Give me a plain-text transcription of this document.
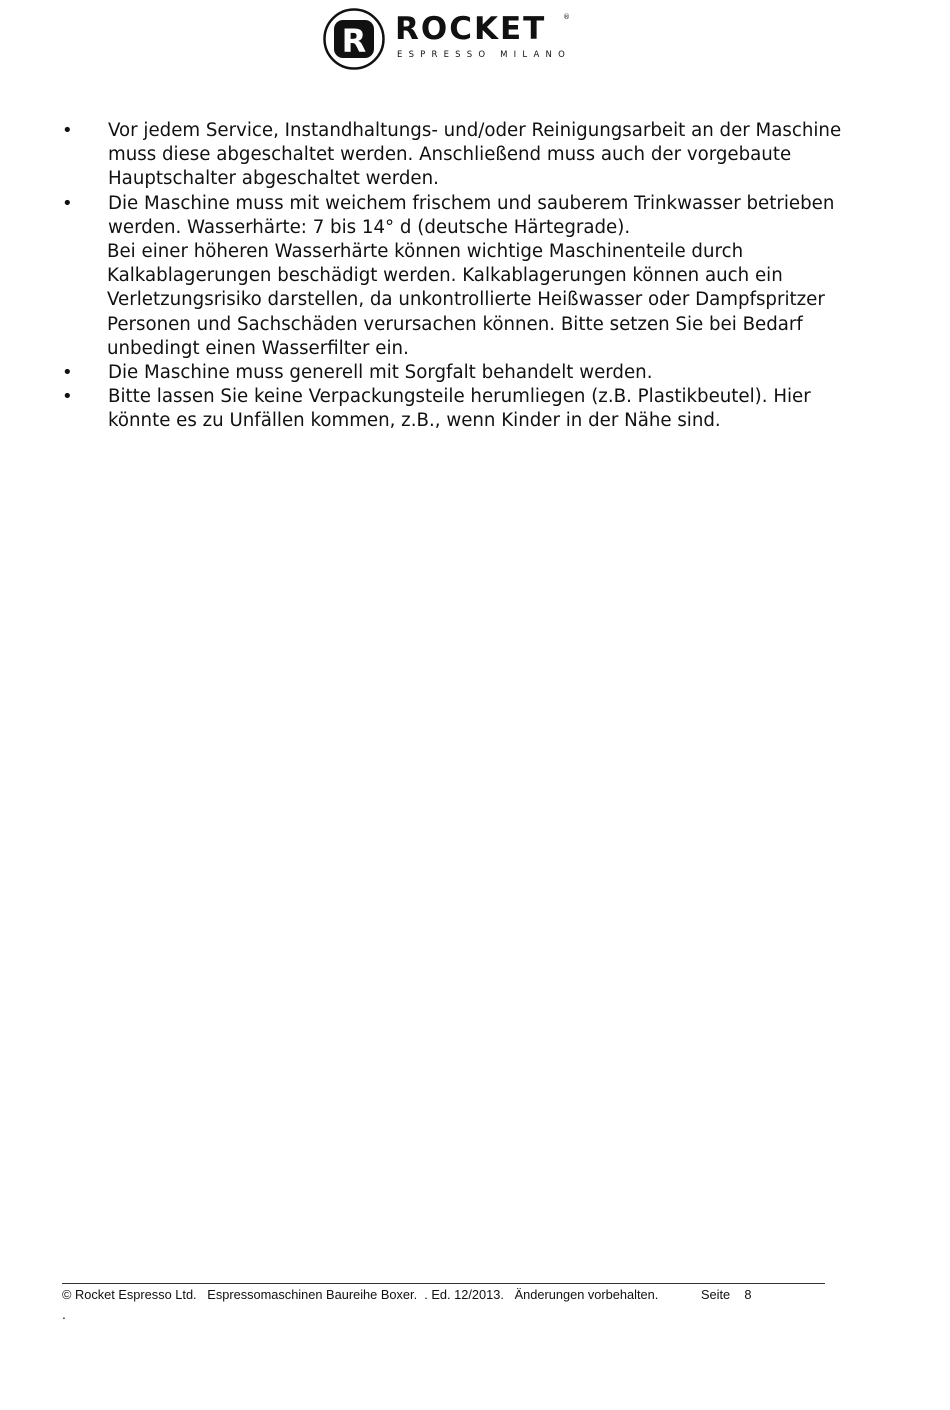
R ROCKET ®
ESPRESSO MILANO
•	Vor jedem Service, Instandhaltungs- und/oder Reinigungsarbeit an der Maschine
muss diese abgeschaltet werden. Anschließend muss auch der vorgebaute
Hauptschalter abgeschaltet werden.
•	Die Maschine muss mit weichem frischem und sauberem Trinkwasser betrieben
werden. Wasserhärte: 7 bis 14° d (deutsche Härtegrade).
Bei einer höheren Wasserhärte können wichtige Maschinenteile durch
Kalkablagerungen beschädigt werden. Kalkablagerungen können auch ein
Verletzungsrisiko darstellen, da unkontrollierte Heißwasser oder Dampfspritzer
Personen und Sachschäden verursachen können. Bitte setzen Sie bei Bedarf
unbedingt einen Wasserfilter ein.
•	Die Maschine muss generell mit Sorgfalt behandelt werden.
•	Bitte lassen Sie keine Verpackungsteile herumliegen (z.B. Plastikbeutel). Hier
könnte es zu Unfällen kommen, z.B., wenn Kinder in der Nähe sind.
© Rocket Espresso Ltd.   Espressomaschinen Baureihe Boxer.  . Ed. 12/2013.   Änderungen vorbehalten.            Seite    8
.
